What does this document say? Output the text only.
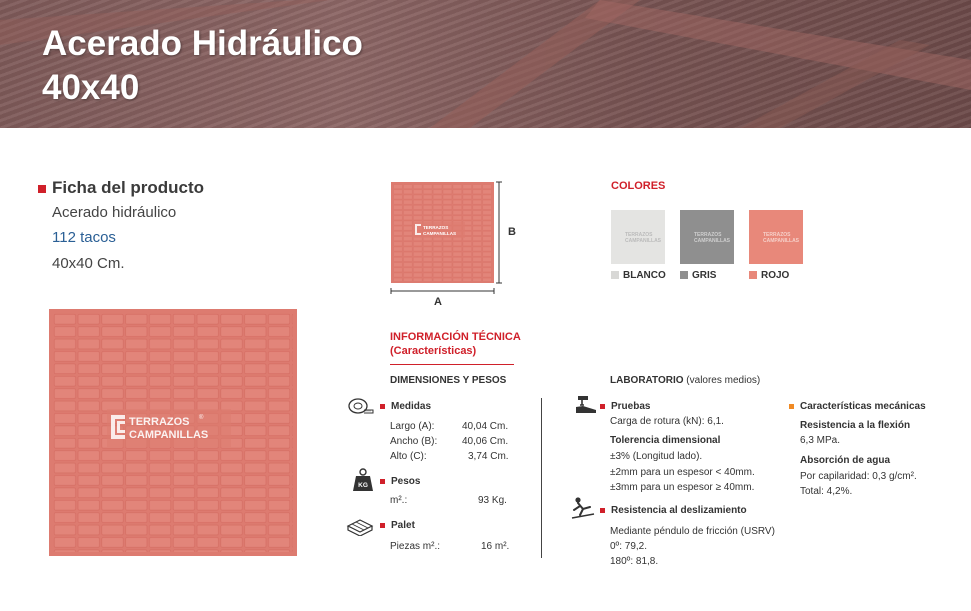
Acerado Hidráulico
40x40
Ficha del producto
Acerado hidráulico
112 tacos
40x40 Cm.
TERRAZOS ®
CAMPANILLAS
TERRAZOS
CAMPANILLAS
A
B
COLORES
TERRAZOS
CAMPANILLAS
TERRAZOS
CAMPANILLAS
TERRAZOS
CAMPANILLAS
BLANCO	GRIS	ROJO
INFORMACIÓN TÉCNICA
(Características)
DIMENSIONES Y PESOS
Medidas
Largo (A):	40,04 Cm.
Ancho (B): 40,06 Cm.
Alto (C):	3,74 Cm.
KG	Pesos
m².:	93 Kg.
Palet
Piezas m².:	16 m².
LABORATORIO (valores medios)
Pruebas
Carga de rotura (kN): 6,1.
Tolerencia dimensional
±3% (Longitud lado).
±2mm para un espesor < 40mm.
±3mm para un espesor ≥ 40mm.
Resistencia al deslizamiento
Mediante péndulo de fricción (USRV)
0º: 79,2.
180º: 81,8.
Características mecánicas
Resistencia a la flexión
6,3 MPa.
Absorción de agua
Por capilaridad: 0,3 g/cm².
Total: 4,2%.
